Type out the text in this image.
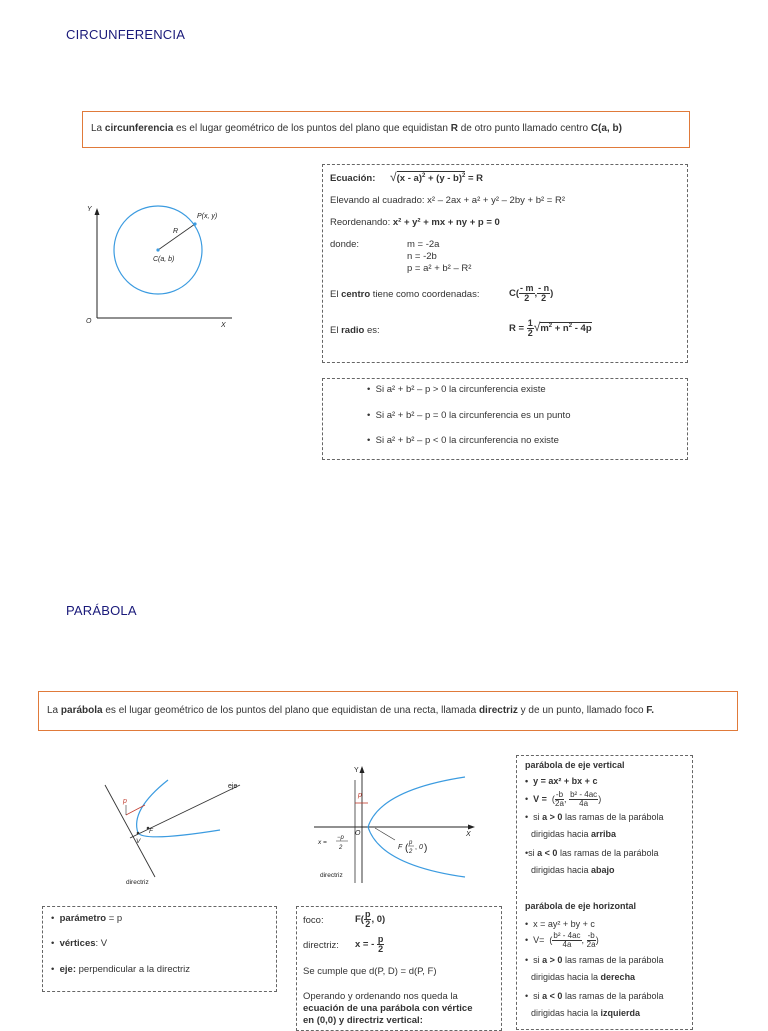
CIRCUNFERENCIA
La circunferencia es el lugar geométrico de los puntos del plano que equidistan R de otro punto llamado centro C(a, b)
Y
X
O
P(x, y)
R
C(a, b)
Ecuación: √(x - a)$^2$ + (y - b)$^2$ = R
Elevando al cuadrado: x² – 2ax + a² + y² – 2by + b² = R²
Reordenando: x² + y² + mx + ny + p = 0
donde:	m = -2a
n = -2b
p = a² + b² – R²
El centro tiene como coordenadas:	$C( \frac{- m}{2}$ , $\frac{- n}{2}$ )
El radio es:	$R = \frac{1}{2} √m^2 + n^2 - 4p$
•  Si a² + b² – p > 0 la circunferencia existe
•  Si a² + b² – p = 0 la circunferencia es un punto
•  Si a² + b² – p < 0 la circunferencia no existe
PARÁBOLA
La parábola es el lugar geométrico de los puntos del plano que equidistan de una recta, llamada directriz y de un punto, llamado foco F.
eje
p
V
F
directriz
Y
X
O
p
x =
−p
2	F ( p
2
, 0 )
directriz
•  parámetro = p
•  vértices: V
•  eje: perpendicular a la directriz
foco:	$F( \frac{p}{2}$ , 0)
directriz: x = - $\frac{p}{2}$
Se cumple que d(P, D) = d(P, F)
Operando y ordenando nos queda la
ecuación de una parábola con vértice
en (0,0) y directriz vertical:
parábola de eje vertical
•  y = ax² + bx + c
•  V =  ( $\frac{-b}{2a}$ , $\frac{\text{b² - 4ac}}{4a}$ )
•  si a > 0 las ramas de la parábola
dirigidas hacia arriba
•si a < 0 las ramas de la parábola
dirigidas hacia abajo
parábola de eje horizontal
•  x = ay² + by + c
•  V=  ( $\frac{\text{b² - 4ac}}{4a}$ , $\frac{-b}{2a}$ )
•  si a > 0 las ramas de la parábola
dirigidas hacia la derecha
•  si a < 0 las ramas de la parábola
dirigidas hacia la izquierda
